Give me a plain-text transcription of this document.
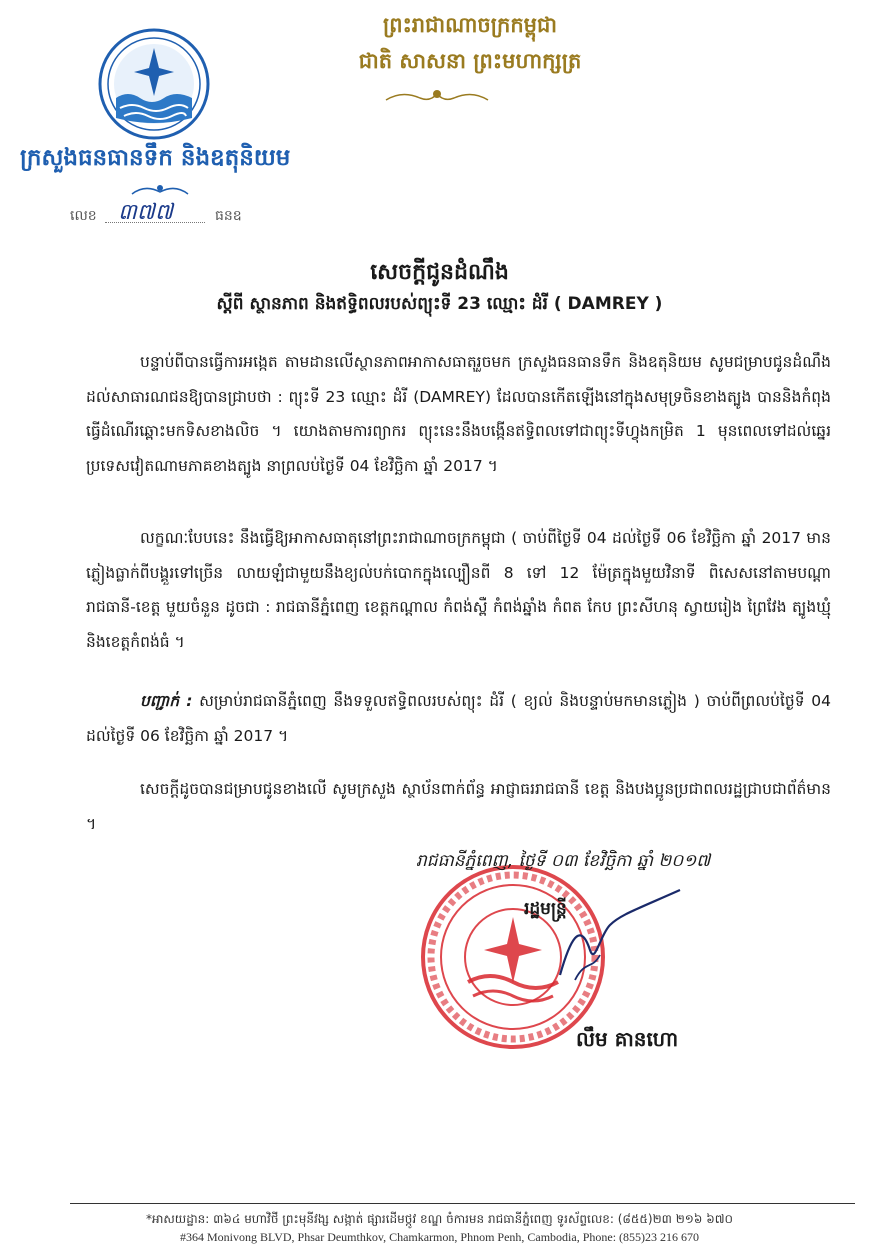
ក្រសួងធនធានទឹក និងឧតុនិយម
លេខ ៣៧៧	ធនឧ
ព្រះរាជាណាចក្រកម្ពុជា
ជាតិ សាសនា ព្រះមហាក្សត្រ
សេចក្តីជូនដំណឹង
ស្តីពី ស្ថានភាព និងឥទ្ធិពលរបស់ព្យុះទី 23 ឈ្មោះ ដំរី ( DAMREY )
បន្ទាប់ពីបានធ្វើការអង្កេត តាមដានលើស្ថានភាពអាកាសធាតុរួចមក ក្រសួងធនធានទឹក និងឧតុនិយម សូមជម្រាបជូនដំណឹងដល់សាធារណជនឱ្យបានជ្រាបថា : ព្យុះទី 23 ឈ្មោះ ដំរី (DAMREY) ដែលបានកើតឡើងនៅក្នុងសមុទ្រចិនខាងត្បូង បាននិងកំពុងធ្វើដំណើរឆ្ពោះមកទិសខាងលិច ។ យោងតាមការព្យាករ ព្យុះនេះនឹងបង្កើនឥទ្ធិពលទៅជាព្យុះទីហ្វុងកម្រិត 1 មុនពេលទៅដល់ឆ្នេរប្រទេសវៀតណាមភាគខាងត្បូង នាព្រលប់ថ្ងៃទី 04 ខែវិច្ឆិកា ឆ្នាំ 2017 ។
លក្ខណៈបែបនេះ នឹងធ្វើឱ្យអាកាសធាតុនៅព្រះរាជាណាចក្រកម្ពុជា ( ចាប់ពីថ្ងៃទី 04 ដល់ថ្ងៃទី 06 ខែវិច្ឆិកា ឆ្នាំ 2017 មានភ្លៀងធ្លាក់ពីបង្គួរទៅច្រើន លាយឡំជាមួយនឹងខ្យល់បក់បោកក្នុងល្បឿនពី 8 ទៅ 12 ម៉ែត្រក្នុងមួយវិនាទី ពិសេសនៅតាមបណ្តារាជធានី-ខេត្ត មួយចំនួន ដូចជា : រាជធានីភ្នំពេញ ខេត្តកណ្តាល កំពង់ស្ពឺ កំពង់ឆ្នាំង កំពត កែប ព្រះសីហនុ ស្វាយរៀង ព្រៃវែង ត្បូងឃ្មុំ និងខេត្តកំពង់ធំ ។
បញ្ជាក់ : សម្រាប់រាជធានីភ្នំពេញ នឹងទទួលឥទ្ធិពលរបស់ព្យុះ ដំរី ( ខ្យល់ និងបន្ទាប់មកមានភ្លៀង ) ចាប់ពីព្រលប់ថ្ងៃទី 04 ដល់ថ្ងៃទី 06 ខែវិច្ឆិកា ឆ្នាំ 2017 ។
សេចក្តីដូចបានជម្រាបជូនខាងលើ សូមក្រសួង ស្ថាប័នពាក់ព័ន្ធ អាជ្ញាធររាជធានី ខេត្ត និងបងប្អូនប្រជាពលរដ្ឋជ្រាបជាព័ត៌មាន ។
រាជធានីភ្នំពេញ, ថ្ងៃទី ០៣ ខែវិច្ឆិកា ឆ្នាំ ២០១៧
រដ្ឋមន្ត្រី
លឹម គានហោ
*អាសយដ្ឋាន: ៣៦៤ មហាវិថី ព្រះមុនីវង្ស សង្កាត់ ផ្សារដើមថ្កូវ ខណ្ឌ ចំការមន រាជធានីភ្នំពេញ ទូរស័ព្ទលេខ: (៨៥៥)២៣ ២១៦ ៦៧០
#364 Monivong BLVD, Phsar Deumthkov, Chamkarmon, Phnom Penh, Cambodia, Phone: (855)23 216 670
